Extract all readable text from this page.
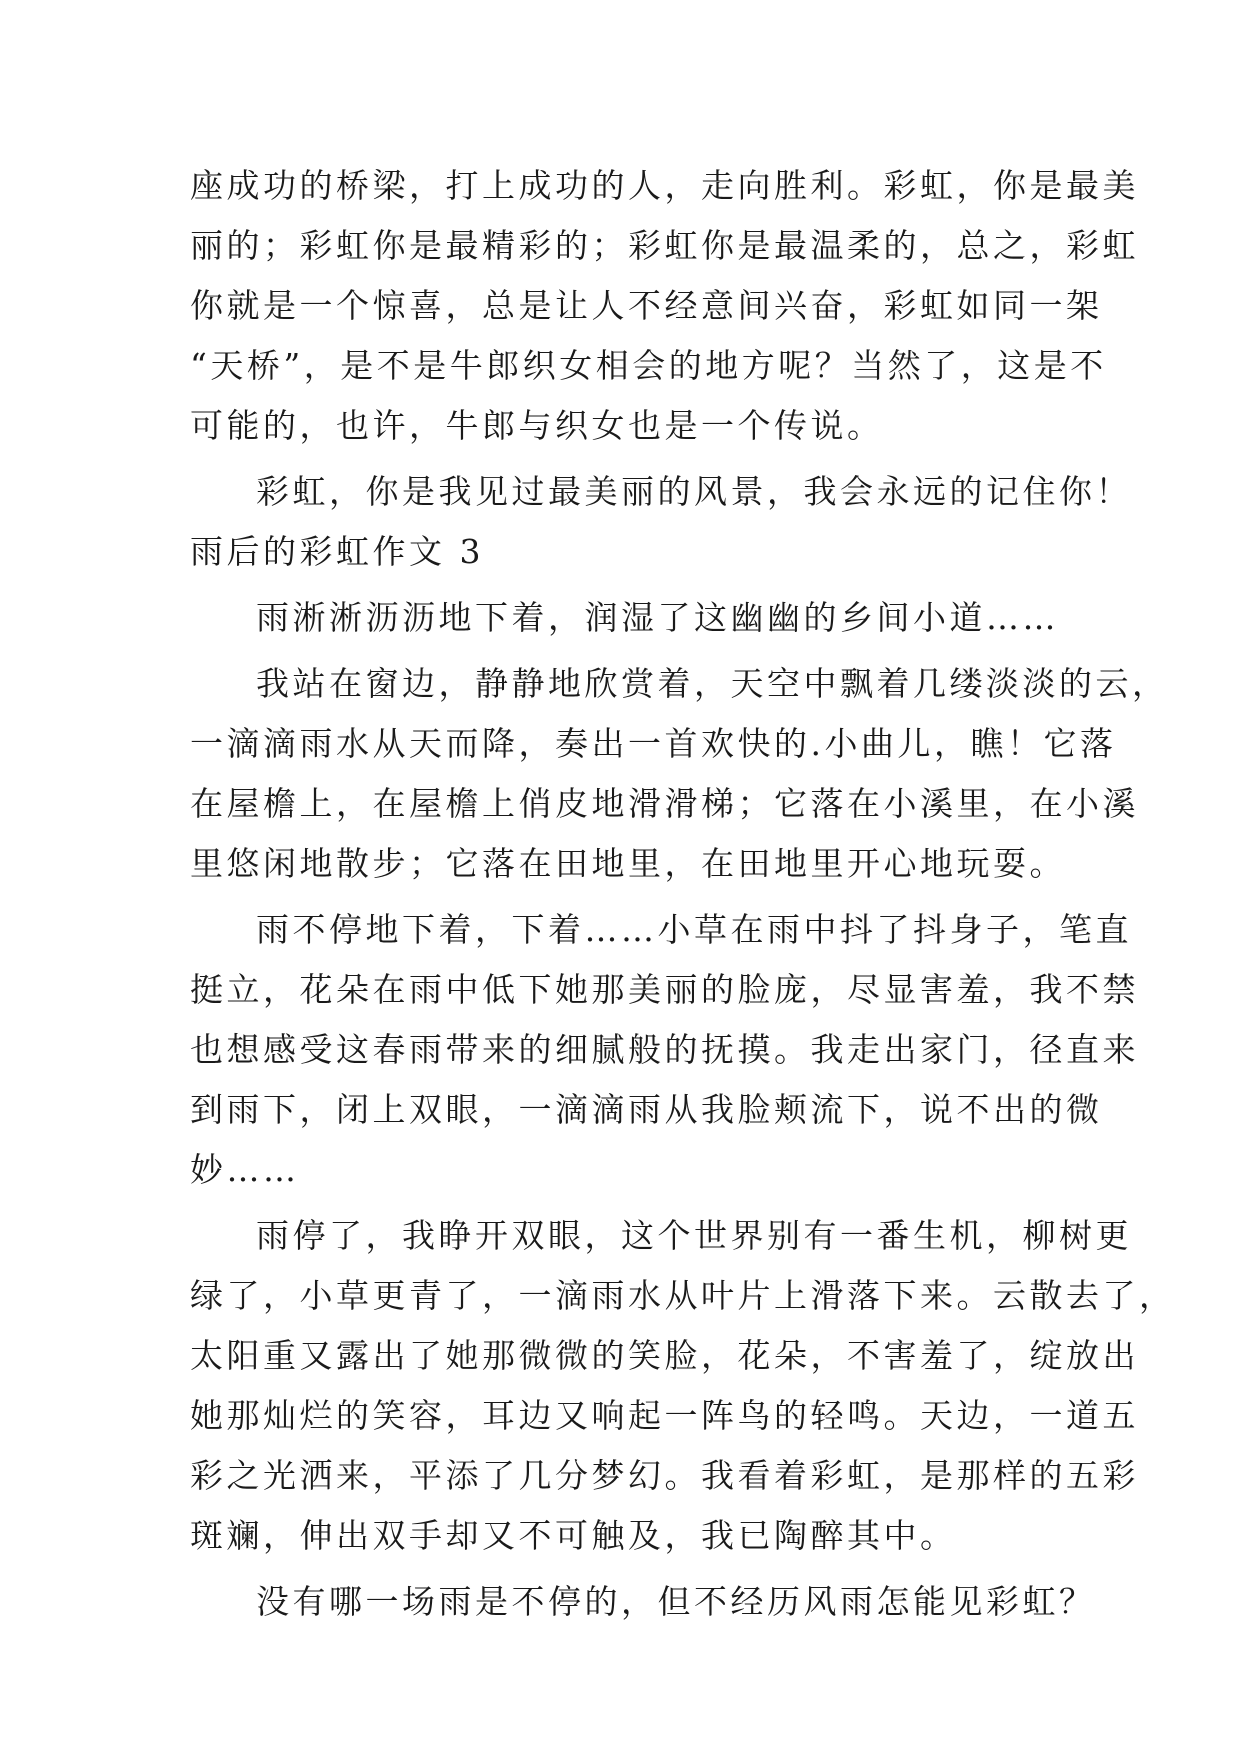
座成功的桥梁，打上成功的人，走向胜利。彩虹，你是最美
丽的；彩虹你是最精彩的；彩虹你是最温柔的，总之，彩虹
你就是一个惊喜，总是让人不经意间兴奋，彩虹如同一架
“天桥”，是不是牛郎织女相会的地方呢？当然了，这是不
可能的，也许，牛郎与织女也是一个传说。
彩虹，你是我见过最美丽的风景，我会永远的记住你！
雨后的彩虹作文 3
雨淅淅沥沥地下着，润湿了这幽幽的乡间小道……
我站在窗边，静静地欣赏着，天空中飘着几缕淡淡的云，
一滴滴雨水从天而降，奏出一首欢快的.小曲儿，瞧！它落
在屋檐上，在屋檐上俏皮地滑滑梯；它落在小溪里，在小溪
里悠闲地散步；它落在田地里，在田地里开心地玩耍。
雨不停地下着，下着……小草在雨中抖了抖身子，笔直
挺立，花朵在雨中低下她那美丽的脸庞，尽显害羞，我不禁
也想感受这春雨带来的细腻般的抚摸。我走出家门，径直来
到雨下，闭上双眼，一滴滴雨从我脸颊流下，说不出的微
妙……
雨停了，我睁开双眼，这个世界别有一番生机，柳树更
绿了，小草更青了，一滴雨水从叶片上滑落下来。云散去了，
太阳重又露出了她那微微的笑脸，花朵，不害羞了，绽放出
她那灿烂的笑容，耳边又响起一阵鸟的轻鸣。天边，一道五
彩之光洒来，平添了几分梦幻。我看着彩虹，是那样的五彩
斑斓，伸出双手却又不可触及，我已陶醉其中。
没有哪一场雨是不停的，但不经历风雨怎能见彩虹？
